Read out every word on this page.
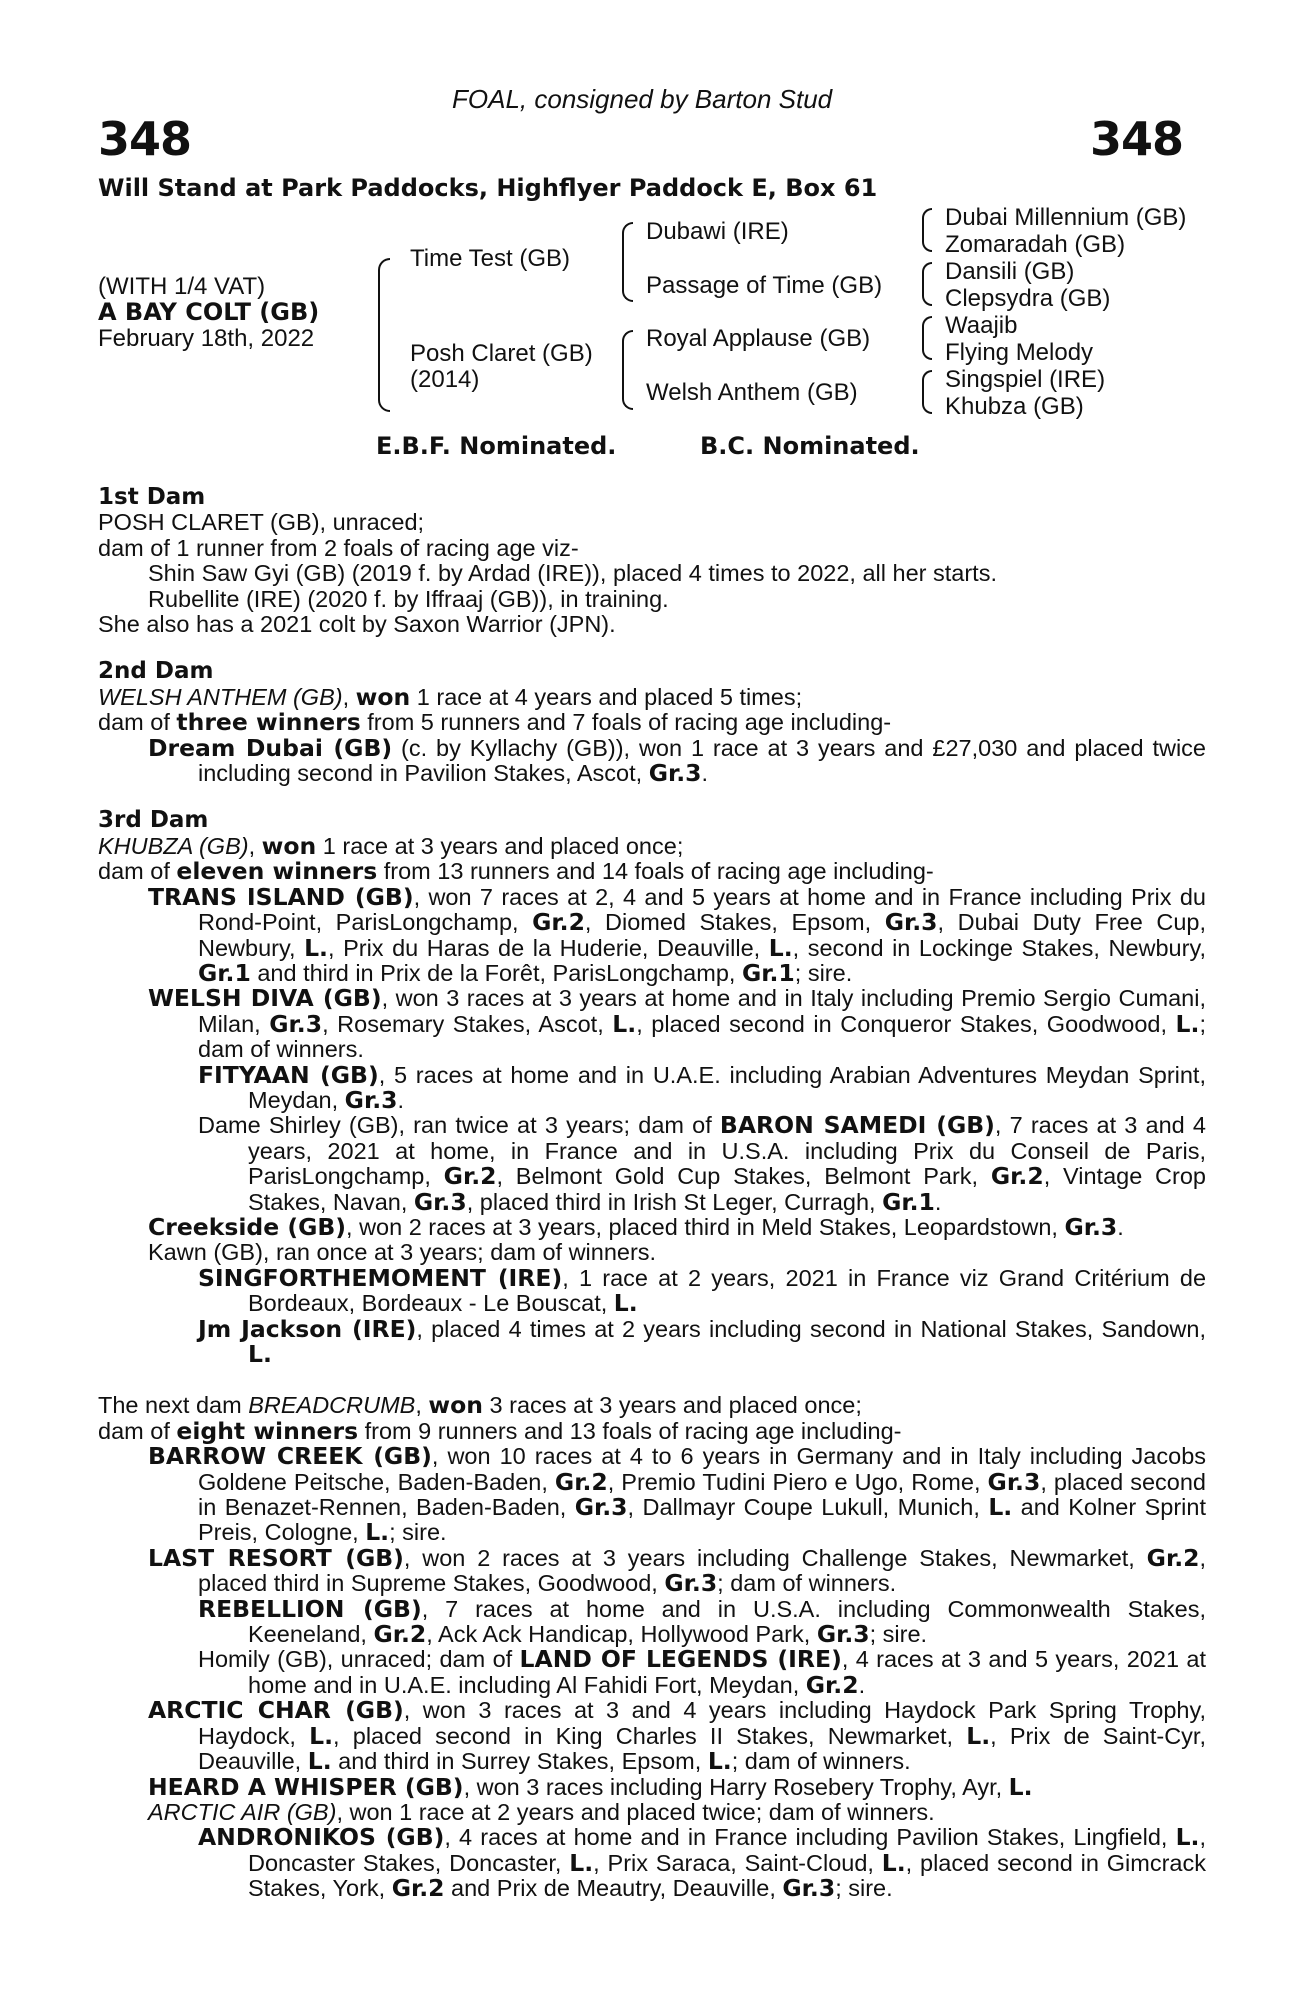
FOAL, consigned by Barton Stud
348	348
Will Stand at Park Paddocks, Highflyer Paddock E, Box 61
(WITH 1/4 VAT)
A BAY COLT (GB)
February 18th, 2022
Time Test (GB)
Posh Claret (GB)
(2014)
Dubawi (IRE)
Passage of Time (GB)
Royal Applause (GB)
Welsh Anthem (GB)
Dubai Millennium (GB)
Zomaradah (GB)
Dansili (GB)
Clepsydra (GB)
Waajib
Flying Melody
Singspiel (IRE)
Khubza (GB)
E.B.F. Nominated.	B.C. Nominated.
1st Dam
POSH CLARET (GB), unraced;
dam of 1 runner from 2 foals of racing age viz-
Shin Saw Gyi (GB) (2019 f. by Ardad (IRE)), placed 4 times to 2022, all her starts.
Rubellite (IRE) (2020 f. by Iffraaj (GB)), in training.
She also has a 2021 colt by Saxon Warrior (JPN).
2nd Dam
WELSH ANTHEM (GB), won 1 race at 4 years and placed 5 times;
dam of three winners from 5 runners and 7 foals of racing age including-
Dream Dubai (GB) (c. by Kyllachy (GB)), won 1 race at 3 years and £27,030 and placed twice including second in Pavilion Stakes, Ascot, Gr.3.
3rd Dam
KHUBZA (GB), won 1 race at 3 years and placed once;
dam of eleven winners from 13 runners and 14 foals of racing age including-
TRANS ISLAND (GB), won 7 races at 2, 4 and 5 years at home and in France including Prix du Rond-Point, ParisLongchamp, Gr.2, Diomed Stakes, Epsom, Gr.3, Dubai Duty Free Cup, Newbury, L., Prix du Haras de la Huderie, Deauville, L., second in Lockinge Stakes, Newbury, Gr.1 and third in Prix de la Forêt, ParisLongchamp, Gr.1; sire.
WELSH DIVA (GB), won 3 races at 3 years at home and in Italy including Premio Sergio Cumani, Milan, Gr.3, Rosemary Stakes, Ascot, L., placed second in Conqueror Stakes, Goodwood, L.; dam of winners.
FITYAAN (GB), 5 races at home and in U.A.E. including Arabian Adventures Meydan Sprint, Meydan, Gr.3.
Dame Shirley (GB), ran twice at 3 years; dam of BARON SAMEDI (GB), 7 races at 3 and 4 years, 2021 at home, in France and in U.S.A. including Prix du Conseil de Paris, ParisLongchamp, Gr.2, Belmont Gold Cup Stakes, Belmont Park, Gr.2, Vintage Crop Stakes, Navan, Gr.3, placed third in Irish St Leger, Curragh, Gr.1.
Creekside (GB), won 2 races at 3 years, placed third in Meld Stakes, Leopardstown, Gr.3.
Kawn (GB), ran once at 3 years; dam of winners.
SINGFORTHEMOMENT (IRE), 1 race at 2 years, 2021 in France viz Grand Critérium de Bordeaux, Bordeaux - Le Bouscat, L.
Jm Jackson (IRE), placed 4 times at 2 years including second in National Stakes, Sandown, L.
The next dam BREADCRUMB, won 3 races at 3 years and placed once;
dam of eight winners from 9 runners and 13 foals of racing age including-
BARROW CREEK (GB), won 10 races at 4 to 6 years in Germany and in Italy including Jacobs Goldene Peitsche, Baden-Baden, Gr.2, Premio Tudini Piero e Ugo, Rome, Gr.3, placed second in Benazet-Rennen, Baden-Baden, Gr.3, Dallmayr Coupe Lukull, Munich, L. and Kolner Sprint Preis, Cologne, L.; sire.
LAST RESORT (GB), won 2 races at 3 years including Challenge Stakes, Newmarket, Gr.2, placed third in Supreme Stakes, Goodwood, Gr.3; dam of winners.
REBELLION (GB), 7 races at home and in U.S.A. including Commonwealth Stakes, Keeneland, Gr.2, Ack Ack Handicap, Hollywood Park, Gr.3; sire.
Homily (GB), unraced; dam of LAND OF LEGENDS (IRE), 4 races at 3 and 5 years, 2021 at home and in U.A.E. including Al Fahidi Fort, Meydan, Gr.2.
ARCTIC CHAR (GB), won 3 races at 3 and 4 years including Haydock Park Spring Trophy, Haydock, L., placed second in King Charles II Stakes, Newmarket, L., Prix de Saint-Cyr, Deauville, L. and third in Surrey Stakes, Epsom, L.; dam of winners.
HEARD A WHISPER (GB), won 3 races including Harry Rosebery Trophy, Ayr, L.
ARCTIC AIR (GB), won 1 race at 2 years and placed twice; dam of winners.
ANDRONIKOS (GB), 4 races at home and in France including Pavilion Stakes, Lingfield, L., Doncaster Stakes, Doncaster, L., Prix Saraca, Saint-Cloud, L., placed second in Gimcrack Stakes, York, Gr.2 and Prix de Meautry, Deauville, Gr.3; sire.
